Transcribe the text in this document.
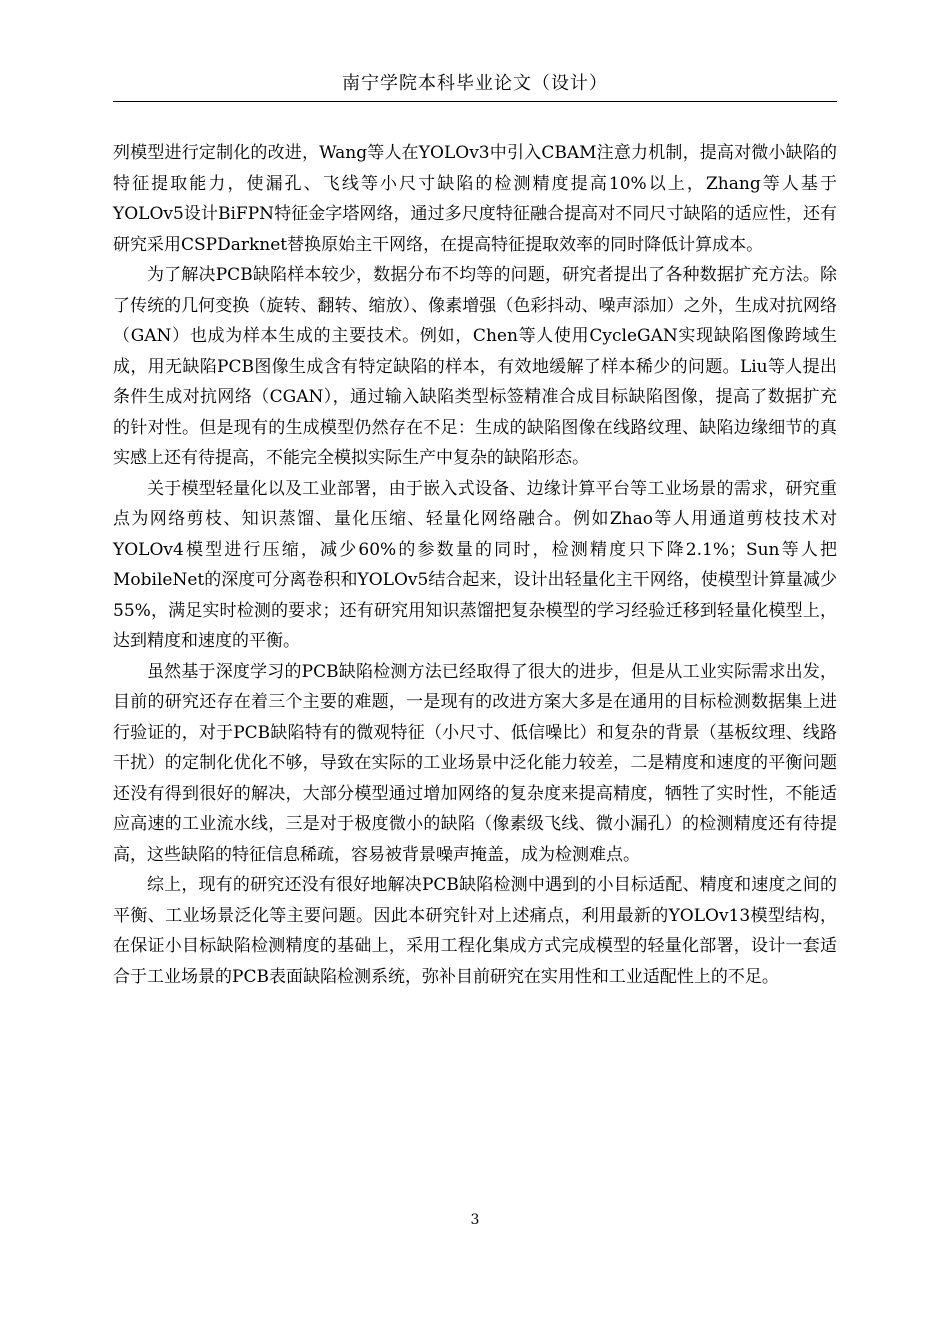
南宁学院本科毕业论文（设计）

列模型进行定制化的改进，Wang等人在YOLOv3中引入CBAM注意力机制，提高对微小缺陷的特征提取能力，使漏孔、飞线等小尺寸缺陷的检测精度提高10%以上，Zhang等人基于YOLOv5设计BiFPN特征金字塔网络，通过多尺度特征融合提高对不同尺寸缺陷的适应性，还有研究采用CSPDarknet替换原始主干网络，在提高特征提取效率的同时降低计算成本。

为了解决PCB缺陷样本较少，数据分布不均等的问题，研究者提出了各种数据扩充方法。除了传统的几何变换（旋转、翻转、缩放）、像素增强（色彩抖动、噪声添加）之外，生成对抗网络（GAN）也成为样本生成的主要技术。例如，Chen等人使用CycleGAN实现缺陷图像跨域生成，用无缺陷PCB图像生成含有特定缺陷的样本，有效地缓解了样本稀少的问题。Liu等人提出条件生成对抗网络（CGAN），通过输入缺陷类型标签精准合成目标缺陷图像，提高了数据扩充的针对性。但是现有的生成模型仍然存在不足：生成的缺陷图像在线路纹理、缺陷边缘细节的真实感上还有待提高，不能完全模拟实际生产中复杂的缺陷形态。

关于模型轻量化以及工业部署，由于嵌入式设备、边缘计算平台等工业场景的需求，研究重点为网络剪枝、知识蒸馏、量化压缩、轻量化网络融合。例如Zhao等人用通道剪枝技术对YOLOv4模型进行压缩，减少60%的参数量的同时，检测精度只下降2.1%；Sun等人把MobileNet的深度可分离卷积和YOLOv5结合起来，设计出轻量化主干网络，使模型计算量减少55%，满足实时检测的要求；还有研究用知识蒸馏把复杂模型的学习经验迁移到轻量化模型上，达到精度和速度的平衡。

虽然基于深度学习的PCB缺陷检测方法已经取得了很大的进步，但是从工业实际需求出发，目前的研究还存在着三个主要的难题，一是现有的改进方案大多是在通用的目标检测数据集上进行验证的，对于PCB缺陷特有的微观特征（小尺寸、低信噪比）和复杂的背景（基板纹理、线路干扰）的定制化优化不够，导致在实际的工业场景中泛化能力较差，二是精度和速度的平衡问题还没有得到很好的解决，大部分模型通过增加网络的复杂度来提高精度，牺牲了实时性，不能适应高速的工业流水线，三是对于极度微小的缺陷（像素级飞线、微小漏孔）的检测精度还有待提高，这些缺陷的特征信息稀疏，容易被背景噪声掩盖，成为检测难点。

综上，现有的研究还没有很好地解决PCB缺陷检测中遇到的小目标适配、精度和速度之间的平衡、工业场景泛化等主要问题。因此本研究针对上述痛点，利用最新的YOLOv13模型结构，在保证小目标缺陷检测精度的基础上，采用工程化集成方式完成模型的轻量化部署，设计一套适合于工业场景的PCB表面缺陷检测系统，弥补目前研究在实用性和工业适配性上的不足。

3
